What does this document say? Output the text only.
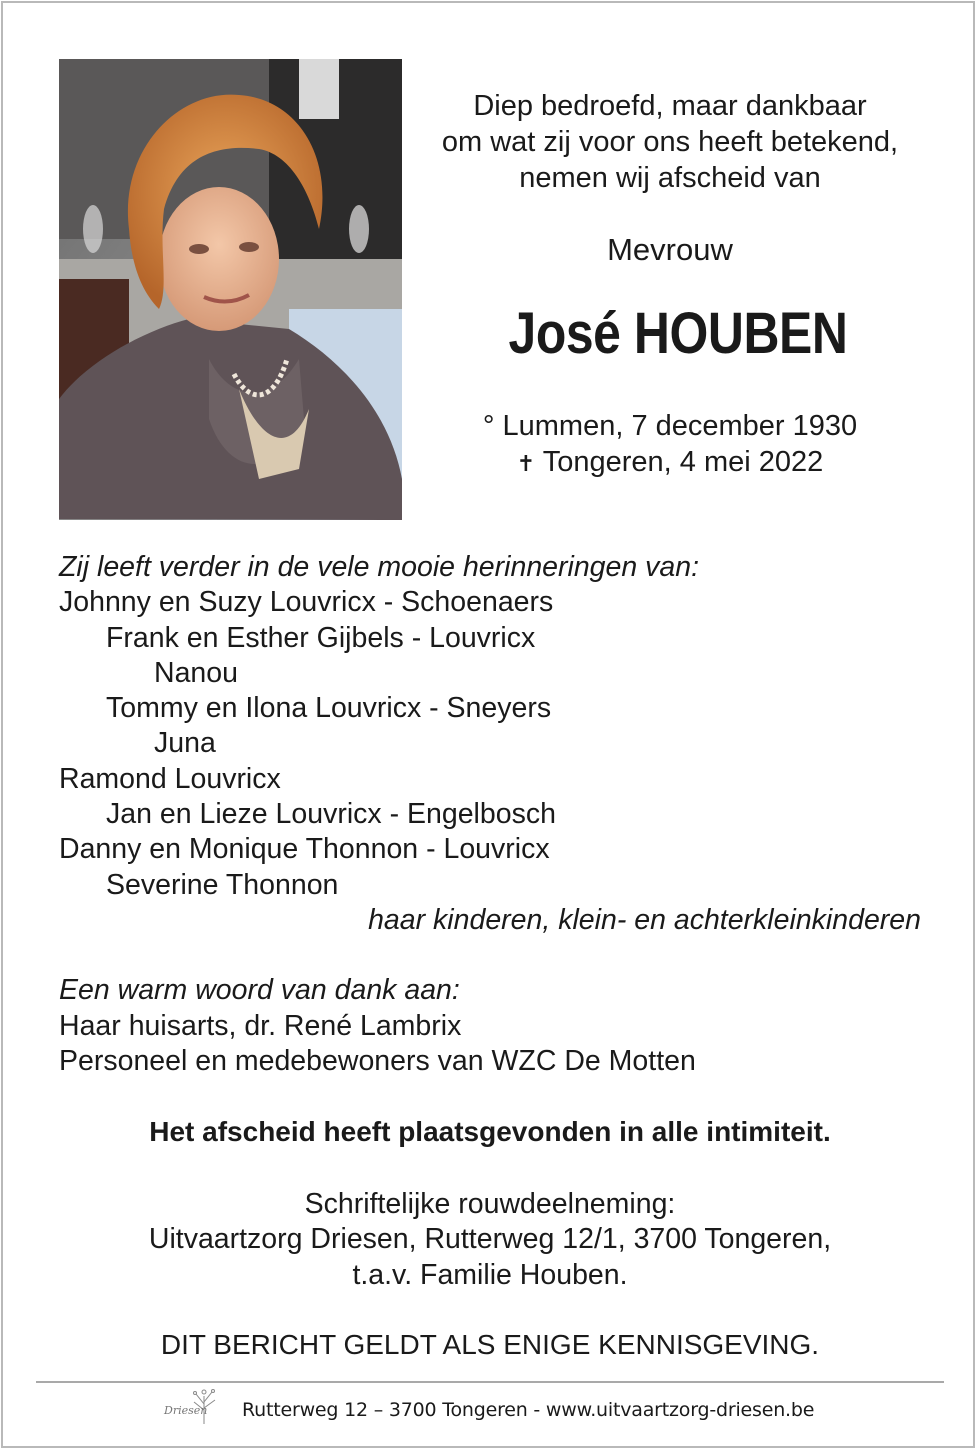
Diep bedroefd, maar dankbaar
om wat zij voor ons heeft betekend,
nemen wij afscheid van
Mevrouw
José HOUBEN
° Lummen, 7 december 1930
✝ Tongeren, 4 mei 2022
Zij leeft verder in de vele mooie herinneringen van:
Johnny en Suzy Louvricx - Schoenaers
Frank en Esther Gijbels - Louvricx
Nanou
Tommy en Ilona Louvricx - Sneyers
Juna
Ramond Louvricx
Jan en Lieze Louvricx - Engelbosch
Danny en Monique Thonnon - Louvricx
Severine Thonnon
haar kinderen, klein- en achterkleinkinderen
Een warm woord van dank aan:
Haar huisarts, dr. René Lambrix
Personeel en medebewoners van WZC De Motten
Het afscheid heeft plaatsgevonden in alle intimiteit.
Schriftelijke rouwdeelneming:
Uitvaartzorg Driesen, Rutterweg 12/1, 3700 Tongeren,
t.a.v. Familie Houben.
DIT BERICHT GELDT ALS ENIGE KENNISGEVING.
Driesen Rutterweg 12 – 3700 Tongeren - www.uitvaartzorg-driesen.be
